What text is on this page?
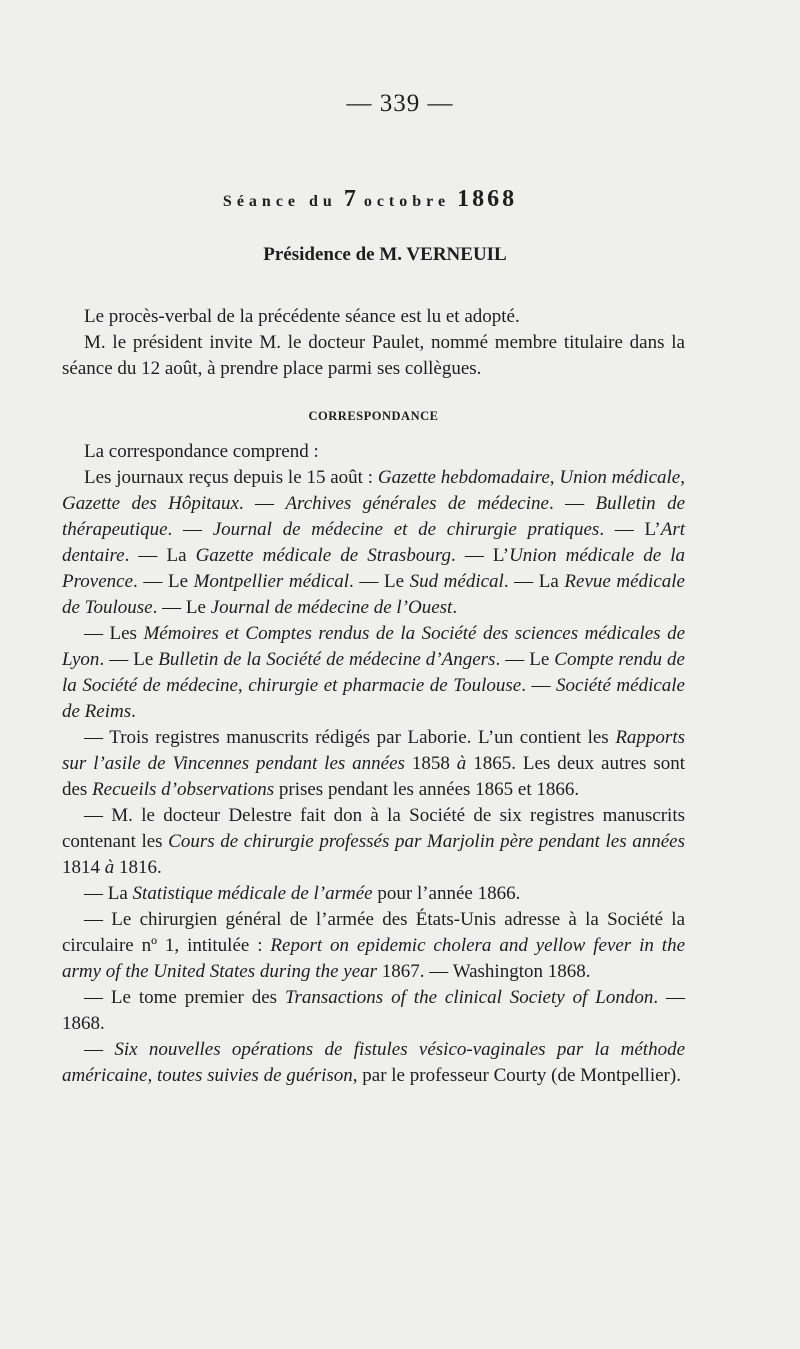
— 339 —
Séance du 7 octobre 1868
Présidence de M. VERNEUIL

Le procès-verbal de la précédente séance est lu et adopté.

M. le président invite M. le docteur Paulet, nommé membre titulaire dans la séance du 12 août, à prendre place parmi ses collègues.

CORRESPONDANCE

La correspondance comprend :

Les journaux reçus depuis le 15 août : Gazette hebdomadaire, Union médicale, Gazette des Hôpitaux. — Archives générales de médecine. — Bulletin de thérapeutique. — Journal de médecine et de chirurgie pratiques. — L’Art dentaire. — La Gazette médicale de Strasbourg. — L’Union médicale de la Provence. — Le Montpellier médical. — Le Sud médical. — La Revue médicale de Toulouse. — Le Journal de médecine de l’Ouest.

— Les Mémoires et Comptes rendus de la Société des sciences médicales de Lyon. — Le Bulletin de la Société de médecine d’Angers. — Le Compte rendu de la Société de médecine, chirurgie et pharmacie de Toulouse. — Société médicale de Reims.

— Trois registres manuscrits rédigés par Laborie. L’un contient les Rapports sur l’asile de Vincennes pendant les années 1858 à 1865. Les deux autres sont des Recueils d’observations prises pendant les années 1865 et 1866.

— M. le docteur Delestre fait don à la Société de six registres manuscrits contenant les Cours de chirurgie professés par Marjolin père pendant les années 1814 à 1816.

— La Statistique médicale de l’armée pour l’année 1866.

— Le chirurgien général de l’armée des États-Unis adresse à la Société la circulaire nº 1, intitulée : Report on epidemic cholera and yellow fever in the army of the United States during the year 1867. — Washington 1868.

— Le tome premier des Transactions of the clinical Society of London. — 1868.

— Six nouvelles opérations de fistules vésico-vaginales par la méthode américaine, toutes suivies de guérison, par le professeur Courty (de Montpellier).
